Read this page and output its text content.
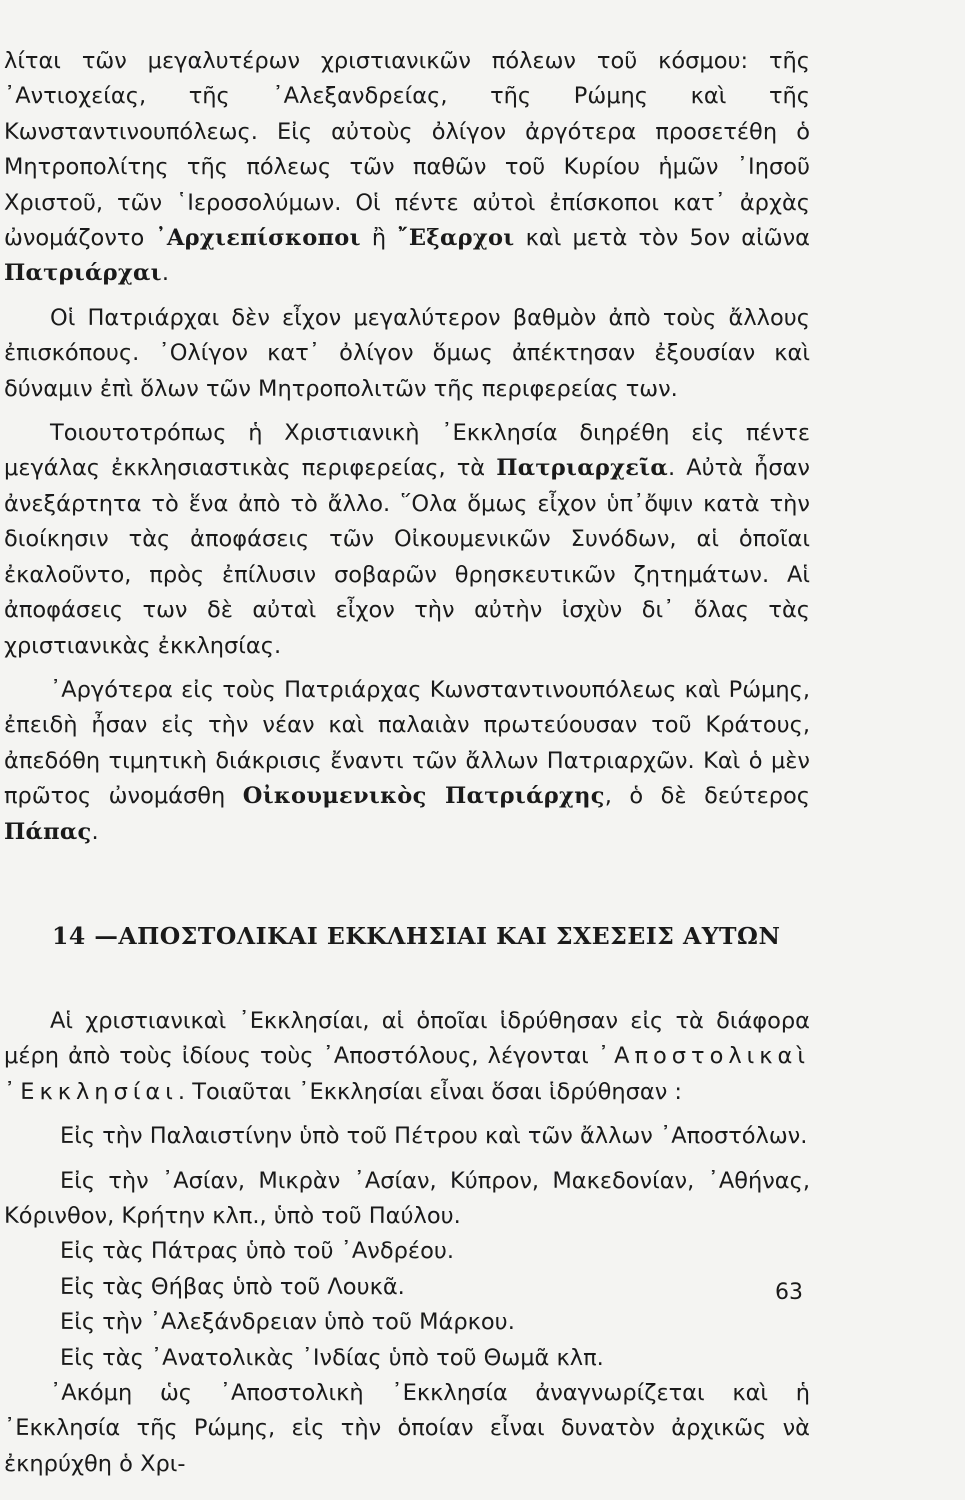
λίται τῶν μεγαλυτέρων χριστιανικῶν πόλεων τοῦ κόσμου: τῆς ᾿Αντιοχείας, τῆς ᾿Αλεξανδρείας, τῆς Ρώμης καὶ τῆς Κωνσταντινουπόλεως. Εἰς αὐτοὺς ὀλίγον ἀργότερα προσετέθη ὁ Μητροπολίτης τῆς πόλεως τῶν παθῶν τοῦ Κυρίου ἡμῶν ᾿Ιησοῦ Χριστοῦ, τῶν ῾Ιεροσολύμων. Οἱ πέντε αὐτοὶ ἐπίσκοποι κατ᾿ ἀρχὰς ὠνομάζοντο ᾿Αρχιεπίσκοποι ἢ ῎Εξαρχοι καὶ μετὰ τὸν 5ον αἰῶνα Πατριάρχαι.

Οἱ Πατριάρχαι δὲν εἶχον μεγαλύτερον βαθμὸν ἀπὸ τοὺς ἄλλους ἐπισκόπους. ᾿Ολίγον κατ᾿ ὀλίγον ὅμως ἀπέκτησαν ἐξουσίαν καὶ δύναμιν ἐπὶ ὅλων τῶν Μητροπολιτῶν τῆς περιφερείας των.

Τοιουτοτρόπως ἡ Χριστιανικὴ ᾿Εκκλησία διηρέθη εἰς πέντε μεγάλας ἐκκλησιαστικὰς περιφερείας, τὰ Πατριαρχεῖα. Αὐτὰ ἦσαν ἀνεξάρτητα τὸ ἕνα ἀπὸ τὸ ἄλλο. ῞Ολα ὅμως εἶχον ὑπ᾿ὄψιν κατὰ τὴν διοίκησιν τὰς ἀποφάσεις τῶν Οἰκουμενικῶν Συνόδων, αἱ ὁποῖαι ἐκαλοῦντο, πρὸς ἐπίλυσιν σοβαρῶν θρησκευτικῶν ζητημάτων. Αἱ ἀποφάσεις των δὲ αὐταὶ εἶχον τὴν αὐτὴν ἰσχὺν δι᾿ ὅλας τὰς χριστιανικὰς ἐκκλησίας.

᾿Αργότερα εἰς τοὺς Πατριάρχας Κωνσταντινουπόλεως καὶ Ρώμης, ἐπειδὴ ἦσαν εἰς τὴν νέαν καὶ παλαιὰν πρωτεύουσαν τοῦ Κράτους, ἀπεδόθη τιμητικὴ διάκρισις ἔναντι τῶν ἄλλων Πατριαρχῶν. Καὶ ὁ μὲν πρῶτος ὠνομάσθη Οἰκουμενικὸς Πατριάρχης, ὁ δὲ δεύτερος Πάπας.

14 —ΑΠΟΣΤΟΛΙΚΑΙ ΕΚΚΛΗΣΙΑΙ ΚΑΙ ΣΧΕΣΕΙΣ ΑΥΤΩΝ

Αἱ χριστιανικαὶ ᾿Εκκλησίαι, αἱ ὁποῖαι ἱδρύθησαν εἰς τὰ διάφορα μέρη ἀπὸ τοὺς ἰδίους τοὺς ᾿Αποστόλους, λέγονται ᾿Αποστολικαὶ ᾿Εκκλησίαι. Τοιαῦται ᾿Εκκλησίαι εἶναι ὅσαι ἱδρύθησαν :

Εἰς τὴν Παλαιστίνην ὑπὸ τοῦ Πέτρου καὶ τῶν ἄλλων ᾿Αποστόλων.

Εἰς τὴν ᾿Ασίαν, Μικρὰν ᾿Ασίαν, Κύπρον, Μακεδονίαν, ᾿Αθήνας, Κόρινθον, Κρήτην κλπ., ὑπὸ τοῦ Παύλου.

Εἰς τὰς Πάτρας ὑπὸ τοῦ ᾿Ανδρέου.

Εἰς τὰς Θήβας ὑπὸ τοῦ Λουκᾶ.

Εἰς τὴν ᾿Αλεξάνδρειαν ὑπὸ τοῦ Μάρκου.

Εἰς τὰς ᾿Ανατολικὰς ᾿Ινδίας ὑπὸ τοῦ Θωμᾶ κλπ.

᾿Ακόμη ὡς ᾿Αποστολικὴ ᾿Εκκλησία ἀναγνωρίζεται καὶ ἡ ᾿Εκκλησία τῆς Ρώμης, εἰς τὴν ὁποίαν εἶναι δυνατὸν ἀρχικῶς νὰ ἐκηρύχθη ὁ Χρι-

63
